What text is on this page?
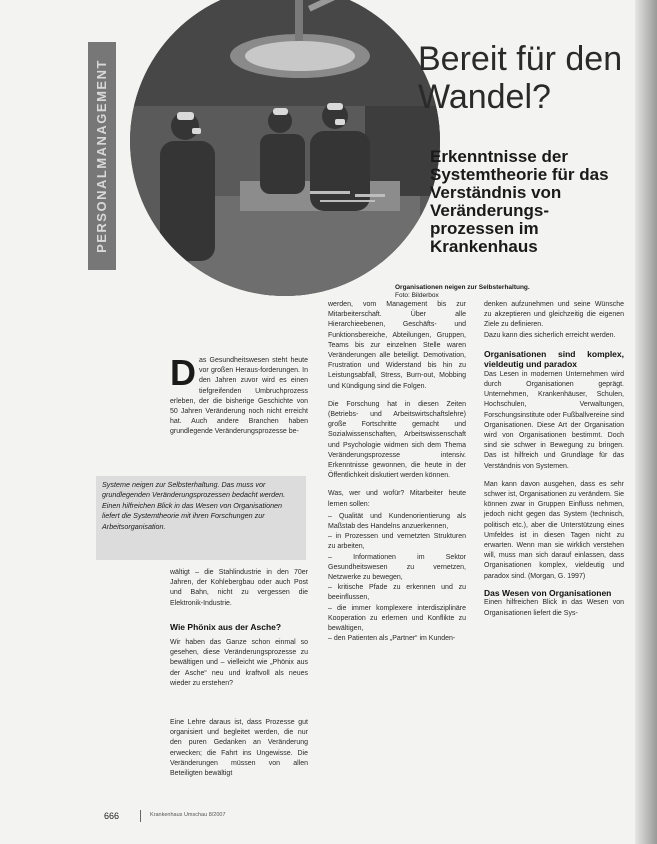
PERSONALMANAGEMENT
Bereit für den Wandel?
Erkenntnisse der Systemtheorie für das Verständnis von Veränderungs-prozessen im Krankenhaus
Organisationen neigen zur Selbsterhaltung. Foto: Bilderbox
D as Gesundheitswesen steht heute vor großen Heraus-forderungen. In den Jahren zuvor wird es einen tiefgreifenden Umbruchprozess erleben, der die bisherige Geschichte von 50 Jahren Veränderung noch nicht erreicht hat. Auch andere Branchen haben grundlegende Veränderungsprozesse be-

Systeme neigen zur Selbsterhaltung. Das muss vor grundlegenden Veränderungsprozessen bedacht werden. Einen hilfreichen Blick in das Wesen von Organisationen liefert die Systemtheorie mit ihren Forschungen zur Arbeitsorganisation.

wältigt – die Stahlindustrie in den 70er Jahren, der Kohlebergbau oder auch Post und Bahn, nicht zu vergessen die Elektronik-Industrie.

Wie Phönix aus der Asche?

Wir haben das Ganze schon einmal so gesehen, diese Veränderungsprozesse zu bewältigen und – vielleicht wie „Phönix aus der Asche“ neu und kraftvoll als neues wieder zu erstehen?

Eine Lehre daraus ist, dass Prozesse gut organisiert und begleitet werden, die nur den puren Gedanken an Veränderung erwecken; die Fahrt ins Ungewisse. Die Veränderungen müssen von allen Beteiligten bewältigt

werden, vom Management bis zur Mitarbeiterschaft. Über alle Hierarchieebenen, Geschäfts- und Funktionsbereiche, Abteilungen, Gruppen, Teams bis zur einzelnen Stelle waren Veränderungen alle beteiligt. Demotivation, Frustration und Widerstand bis hin zu Leistungsabfall, Stress, Burn-out, Mobbing und Kündigung sind die Folgen.

Die Forschung hat in diesen Zeiten (Betriebs- und Arbeitswirtschaftslehre) große Fortschritte gemacht und Sozialwissenschaften, Arbeitswissenschaft und Psychologie widmen sich dem Thema Veränderungsprozesse intensiv. Erkenntnisse gewonnen, die heute in der Öffentlichkeit diskutiert werden können.

Was, wer und wofür? Mitarbeiter heute lernen sollen:

– Qualität und Kundenorientierung als Maßstab des Handelns anzuerkennen,

– in Prozessen und vernetzten Strukturen zu arbeiten,

– Informationen im Sektor Gesundheitswesen zu vernetzen, Netzwerke zu bewegen,

– kritische Pfade zu erkennen und zu beeinflussen,

– die immer komplexere interdisziplinäre Kooperation zu erlernen und Konflikte zu bewältigen,

– den Patienten als „Partner“ im Kunden-

denken aufzunehmen und seine Wünsche zu akzeptieren und gleichzeitig die eigenen Ziele zu definieren.

Dazu kann dies sicherlich erreicht werden.

Organisationen sind komplex, vieldeutig und paradox

Das Lesen in modernen Unternehmen wird durch Organisationen geprägt. Unternehmen, Krankenhäuser, Schulen, Hochschulen, Verwaltungen, Forschungsinstitute oder Fußballvereine sind Organisationen. Diese Art der Organisation wird von Organisationen bestimmt. Doch sind sie schwer in Bewegung zu bringen. Das ist hilfreich und Grundlage für das Verständnis von Systemen.

Man kann davon ausgehen, dass es sehr schwer ist, Organisationen zu verändern. Sie können zwar in Gruppen Einfluss nehmen, jedoch nicht gegen das System (technisch, politisch etc.), aber die Unterstützung eines Umfeldes ist in diesen Tagen nicht zu erwarten. Wenn man sie wirklich verstehen will, muss man sich darauf einlassen, dass Organisationen komplex, vieldeutig und paradox sind. (Morgan, G. 1997)

Das Wesen von Organisationen

Einen hilfreichen Blick in das Wesen von Organisationen liefert die Sys-

666	Krankenhaus Umschau 8/2007
